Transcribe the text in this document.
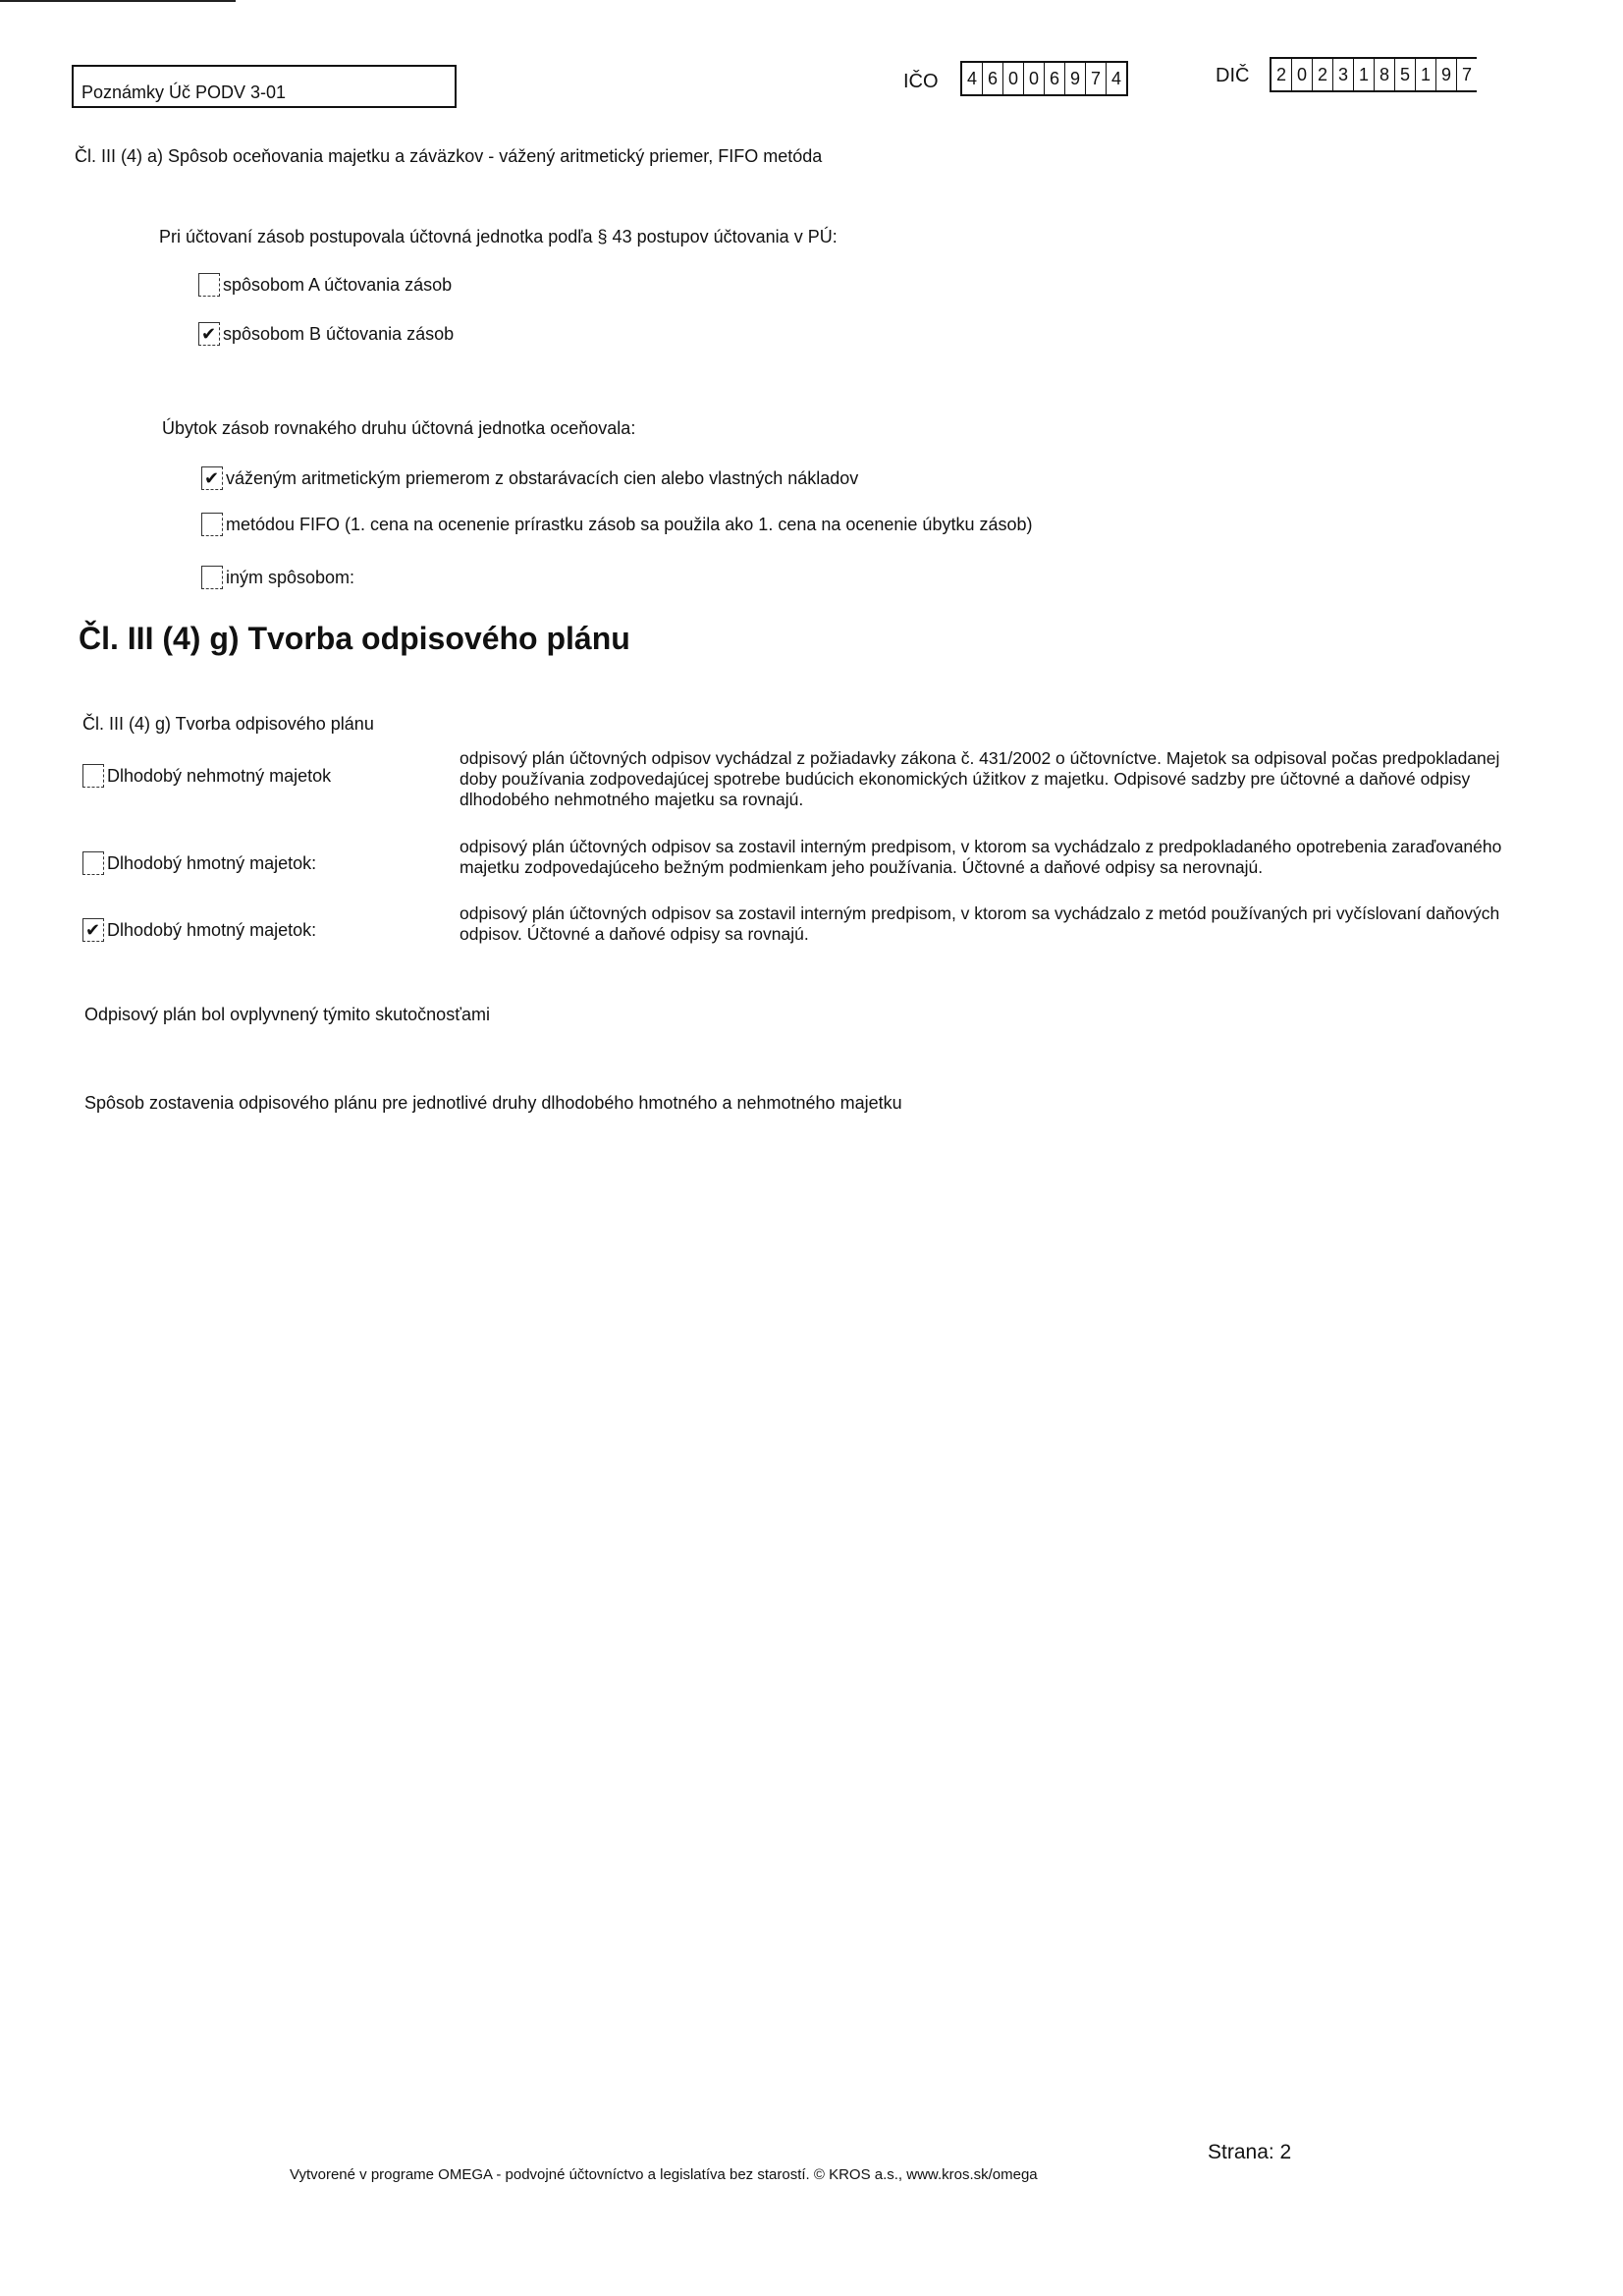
Poznámky Úč PODV 3-01	IČO 4 6 0 0 6 9 7 4	DIČ 2 0 2 3 1 8 5 1 9 7
Čl. III (4) a) Spôsob oceňovania majetku a záväzkov - vážený aritmetický priemer, FIFO metóda
Pri účtovaní zásob postupovala účtovná jednotka podľa § 43 postupov účtovania v PÚ:
spôsobom A účtovania zásob
✔
spôsobom B účtovania zásob
Úbytok zásob rovnakého druhu účtovná jednotka oceňovala:
✔
váženým aritmetickým priemerom z obstarávacích cien alebo vlastných nákladov
metódou FIFO (1. cena na ocenenie prírastku zásob sa použila ako 1. cena na ocenenie úbytku zásob)
iným spôsobom:
Čl. III (4) g) Tvorba odpisového plánu
Čl. III (4) g) Tvorba odpisového plánu
Dlhodobý nehmotný majetok
odpisový plán účtovných odpisov vychádzal z požiadavky zákona č. 431/2002 o účtovníctve. Majetok sa odpisoval počas predpokladanej doby používania zodpovedajúcej spotrebe budúcich ekonomických úžitkov z majetku. Odpisové sadzby pre účtovné a daňové odpisy dlhodobého nehmotného majetku sa rovnajú.
Dlhodobý hmotný majetok:
odpisový plán účtovných odpisov sa zostavil interným predpisom, v ktorom sa vychádzalo z predpokladaného opotrebenia zaraďovaného majetku zodpovedajúceho bežným podmienkam jeho používania. Účtovné a daňové odpisy sa nerovnajú.
✔
Dlhodobý hmotný majetok:
odpisový plán účtovných odpisov sa zostavil interným predpisom, v ktorom sa vychádzalo z metód používaných pri vyčíslovaní daňových odpisov. Účtovné a daňové odpisy sa rovnajú.
Odpisový plán bol ovplyvnený týmito skutočnosťami
Spôsob zostavenia odpisového plánu pre jednotlivé druhy dlhodobého hmotného a nehmotného majetku
Vytvorené v programe OMEGA - podvojné účtovníctvo a legislatíva bez starostí. © KROS a.s., www.kros.sk/omega
Strana: 2
